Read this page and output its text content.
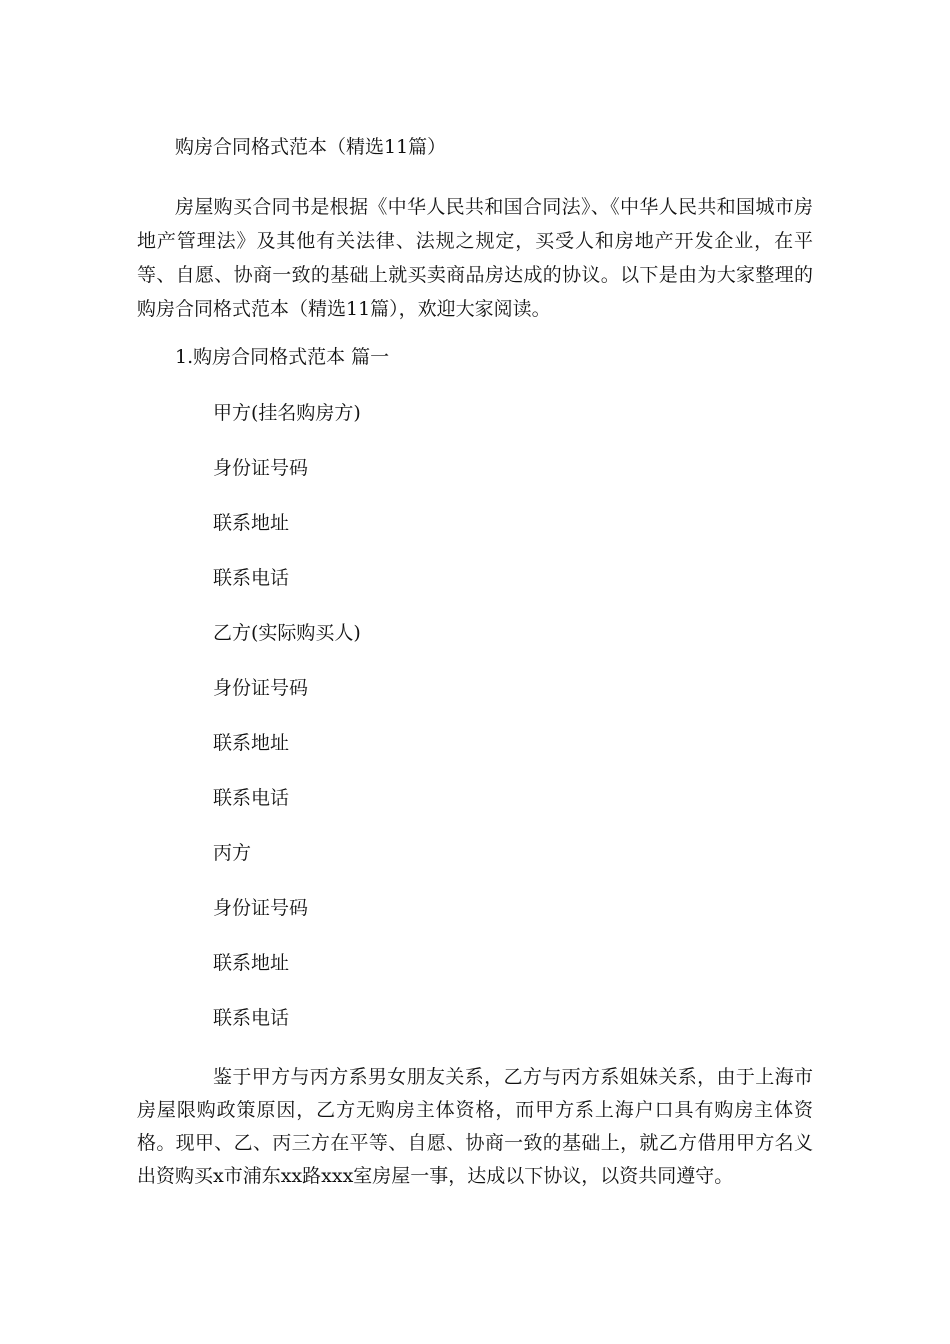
购房合同格式范本（精选11篇）

房屋购买合同书是根据《中华人民共和国合同法》、《中华人民共和国城市房地产管理法》及其他有关法律、法规之规定，买受人和房地产开发企业，在平等、自愿、协商一致的基础上就买卖商品房达成的协议。以下是由为大家整理的购房合同格式范本（精选11篇），欢迎大家阅读。

1.购房合同格式范本 篇一

甲方(挂名购房方)

身份证号码

联系地址

联系电话

乙方(实际购买人)

身份证号码

联系地址

联系电话

丙方

身份证号码

联系地址

联系电话

鉴于甲方与丙方系男女朋友关系，乙方与丙方系姐妹关系，由于上海市房屋限购政策原因，乙方无购房主体资格，而甲方系上海户口具有购房主体资格。现甲、乙、丙三方在平等、自愿、协商一致的基础上，就乙方借用甲方名义出资购买x市浦东xx路xxx室房屋一事，达成以下协议，以资共同遵守。
